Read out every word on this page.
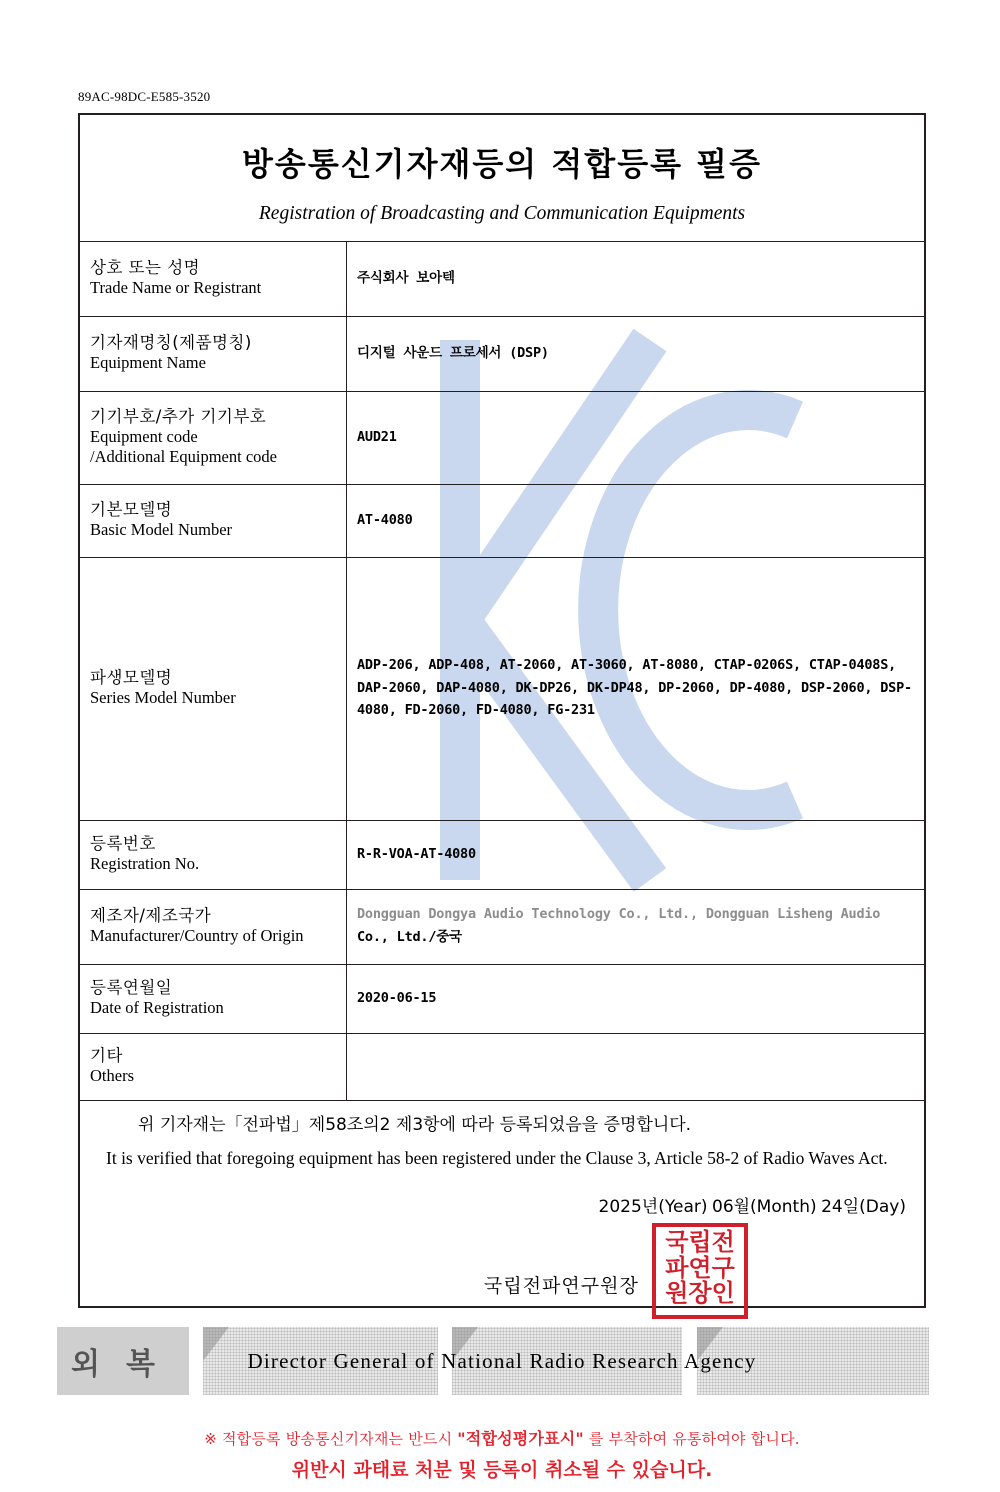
89AC-98DC-E585-3520
방송통신기자재등의 적합등록 필증
Registration of Broadcasting and Communication Equipments
상호 또는 성명
Trade Name or Registrant	주식회사 보아텍

기자재명칭(제품명칭)
Equipment Name	디지털 사운드 프로세서 (DSP)

기기부호/추가 기기부호
Equipment code
/Additional Equipment code	AUD21

기본모델명
Basic Model Number	AT-4080

파생모델명
Series Model Number	ADP-206, ADP-408, AT-2060, AT-3060, AT-8080, CTAP-0206S, CTAP-0408S, DAP-2060, DAP-4080, DK-DP26, DK-DP48, DP-2060, DP-4080, DSP-2060, DSP-4080, FD-2060, FD-4080, FG-231

등록번호
Registration No.	R-R-VOA-AT-4080

제조자/제조국가
Manufacturer/Country of Origin	Dongguan Dongya Audio Technology Co., Ltd., Dongguan Lisheng Audio
Co., Ltd./중국

등록연월일
Date of Registration	2020-06-15

기타
Others	

위 기자재는「전파법」제58조의2 제3항에 따라 등록되었음을 증명합니다.
It is verified that foregoing equipment has been registered under the Clause 3, Article 58-2 of Radio Waves Act.
2025년(Year) 06월(Month) 24일(Day)
국립전파연구원장
국립전
파연구
원장인
Director General of National Radio Research Agency
※ 적합등록 방송통신기자재는 반드시 "적합성평가표시" 를 부착하여 유통하여야 합니다.
위반시 과태료 처분 및 등록이 취소될 수 있습니다.
외 복
